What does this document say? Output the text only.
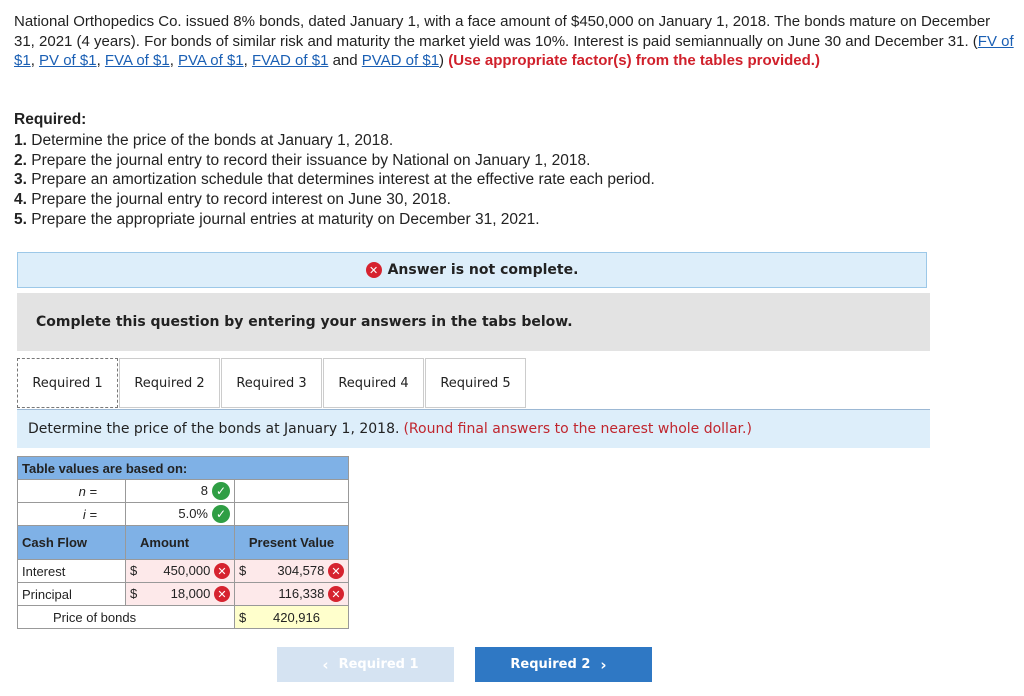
National Orthopedics Co. issued 8% bonds, dated January 1, with a face amount of $450,000 on January 1, 2018. The bonds mature on December 31, 2021 (4 years). For bonds of similar risk and maturity the market yield was 10%. Interest is paid semiannually on June 30 and December 31. (FV of $1, PV of $1, FVA of $1, PVA of $1, FVAD of $1 and PVAD of $1) (Use appropriate factor(s) from the tables provided.)
Required:
1. Determine the price of the bonds at January 1, 2018.
2. Prepare the journal entry to record their issuance by National on January 1, 2018.
3. Prepare an amortization schedule that determines interest at the effective rate each period.
4. Prepare the journal entry to record interest on June 30, 2018.
5. Prepare the appropriate journal entries at maturity on December 31, 2021.
✕ Answer is not complete.
Complete this question by entering your answers in the tabs below.
Required 1	Required 2	Required 3	Required 4	Required 5
Determine the price of the bonds at January 1, 2018. (Round final answers to the nearest whole dollar.)
Table values are based on:		
n =	8 ✓	
i =	5.0% ✓	
Cash Flow	Amount	Present Value
Interest	$ 450,000 ✕	$ 304,578 ✕

Principal	$ 18,000 ✕	116,338 ✕

Price of bonds		$ 420,916
‹ Required 1	Required 2 ›
